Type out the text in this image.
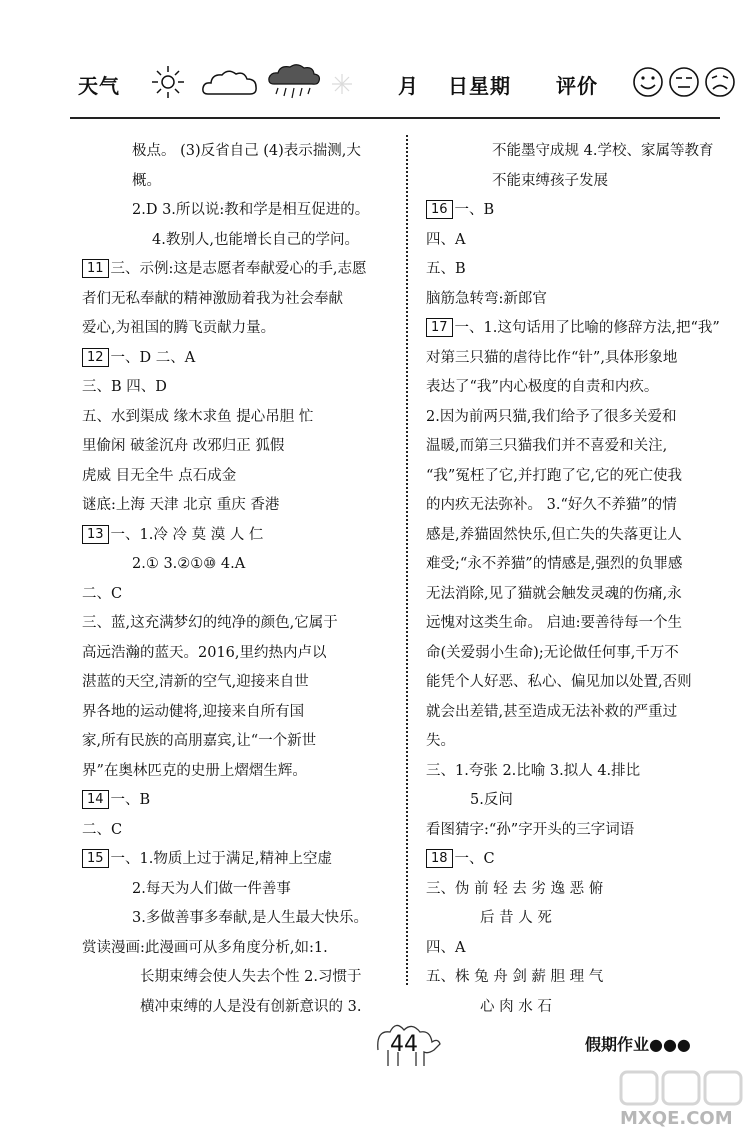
天气	月 日星期 评价
极点。 (3)反省自己 (4)表示揣测,大
概。
2.D 3.所以说:教和学是相互促进的。
4.教别人,也能增长自己的学问。
11 三、示例:这是志愿者奉献爱心的手,志愿
者们无私奉献的精神激励着我为社会奉献
爱心,为祖国的腾飞贡献力量。
12 一、D 二、A
三、B 四、D
五、水到渠成 缘木求鱼 提心吊胆 忙
里偷闲 破釜沉舟 改邪归正 狐假
虎威 目无全牛 点石成金
谜底:上海 天津 北京 重庆 香港
13 一、1.冷 冷 莫 漠 人 仁
2.① 3.②①⑩ 4.A
二、C
三、蓝,这充满梦幻的纯净的颜色,它属于
高远浩瀚的蓝天。2016,里约热内卢以
湛蓝的天空,清新的空气,迎接来自世
界各地的运动健将,迎接来自所有国
家,所有民族的高朋嘉宾,让“一个新世
界”在奥林匹克的史册上熠熠生辉。
14 一、B
二、C
15 一、1.物质上过于满足,精神上空虚
2.每天为人们做一件善事
3.多做善事多奉献,是人生最大快乐。
赏读漫画:此漫画可从多角度分析,如:1.
长期束缚会使人失去个性 2.习惯于
横冲束缚的人是没有创新意识的 3.
不能墨守成规 4.学校、家属等教育
不能束缚孩子发展
16 一、B
四、A
五、B
脑筋急转弯:新郎官
17 一、1.这句话用了比喻的修辞方法,把“我”
对第三只猫的虐待比作“针”,具体形象地
表达了“我”内心极度的自责和内疚。
2.因为前两只猫,我们给予了很多关爱和
温暖,而第三只猫我们并不喜爱和关注,
“我”冤枉了它,并打跑了它,它的死亡使我
的内疚无法弥补。 3.“好久不养猫”的情
感是,养猫固然快乐,但亡失的失落更让人
难受;“永不养猫”的情感是,强烈的负罪感
无法消除,见了猫就会触发灵魂的伤痛,永
远愧对这类生命。 启迪:要善待每一个生
命(关爱弱小生命);无论做任何事,千万不
能凭个人好恶、私心、偏见加以处置,否则
就会出差错,甚至造成无法补救的严重过
失。
三、1.夸张 2.比喻 3.拟人 4.排比
5.反问
看图猜字:“孙”字开头的三字词语
18 一、C
三、伪 前 轻 去 劣 逸 恶 俯
后 昔 人 死
四、A
五、株 兔 舟 剑 薪 胆 理 气
心 肉 水 石
44	假期作业●●●
MXQE.COM
